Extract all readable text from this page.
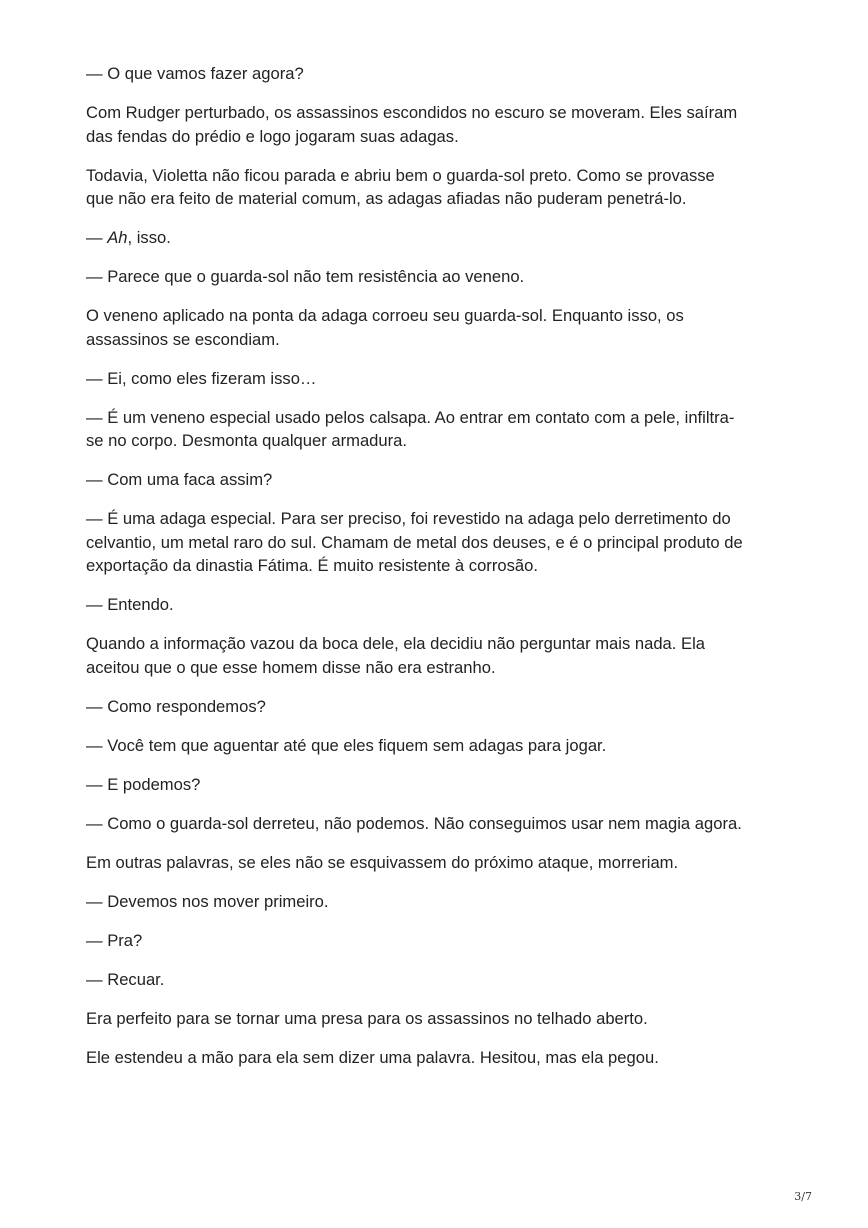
— O que vamos fazer agora?

Com Rudger perturbado, os assassinos escondidos no escuro se moveram. Eles saíram
das fendas do prédio e logo jogaram suas adagas.

Todavia, Violetta não ficou parada e abriu bem o guarda-sol preto. Como se provasse
que não era feito de material comum, as adagas afiadas não puderam penetrá-lo.

— Ah, isso.

— Parece que o guarda-sol não tem resistência ao veneno.

O veneno aplicado na ponta da adaga corroeu seu guarda-sol. Enquanto isso, os
assassinos se escondiam.

— Ei, como eles fizeram isso…

— É um veneno especial usado pelos calsapa. Ao entrar em contato com a pele, infiltra-
se no corpo. Desmonta qualquer armadura.

— Com uma faca assim?

— É uma adaga especial. Para ser preciso, foi revestido na adaga pelo derretimento do
celvantio, um metal raro do sul. Chamam de metal dos deuses, e é o principal produto de
exportação da dinastia Fátima. É muito resistente à corrosão.

— Entendo.

Quando a informação vazou da boca dele, ela decidiu não perguntar mais nada. Ela
aceitou que o que esse homem disse não era estranho.

— Como respondemos?

— Você tem que aguentar até que eles fiquem sem adagas para jogar.

— E podemos?

— Como o guarda-sol derreteu, não podemos. Não conseguimos usar nem magia agora.

Em outras palavras, se eles não se esquivassem do próximo ataque, morreriam.

— Devemos nos mover primeiro.

— Pra?

— Recuar.

Era perfeito para se tornar uma presa para os assassinos no telhado aberto.

Ele estendeu a mão para ela sem dizer uma palavra. Hesitou, mas ela pegou.

3/7
